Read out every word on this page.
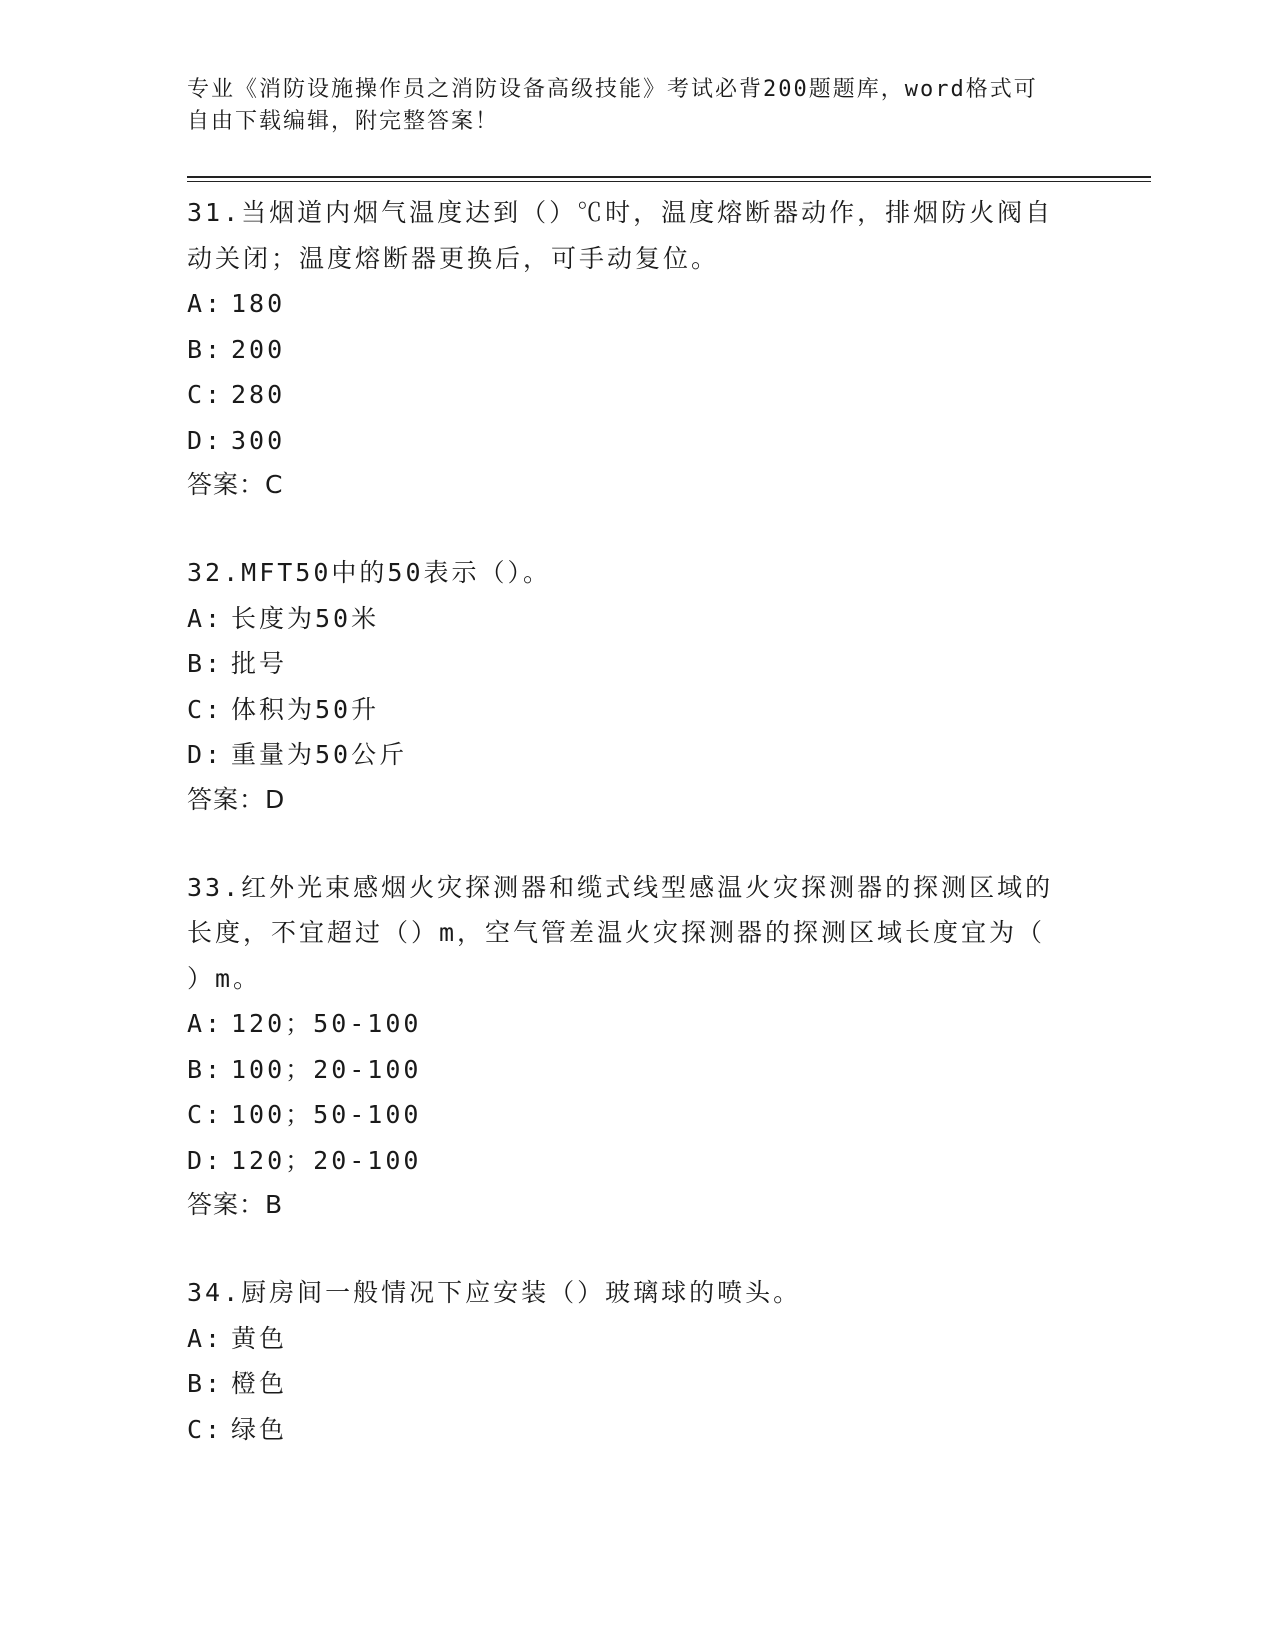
专业《消防设施操作员之消防设备高级技能》考试必背200题题库，word格式可
自由下载编辑，附完整答案！
31.当烟道内烟气温度达到（）℃时，温度熔断器动作，排烟防火阀自
动关闭；温度熔断器更换后，可手动复位。
A: 180
B: 200
C: 280
D: 300
答案：C
32.MFT50中的50表示（）。
A: 长度为50米
B: 批号
C: 体积为50升
D: 重量为50公斤
答案：D
33.红外光束感烟火灾探测器和缆式线型感温火灾探测器的探测区域的
长度，不宜超过（）m，空气管差温火灾探测器的探测区域长度宜为（
）m。
A: 120；50-100
B: 100；20-100
C: 100；50-100
D: 120；20-100
答案：B
34.厨房间一般情况下应安装（）玻璃球的喷头。
A: 黄色
B: 橙色
C: 绿色
